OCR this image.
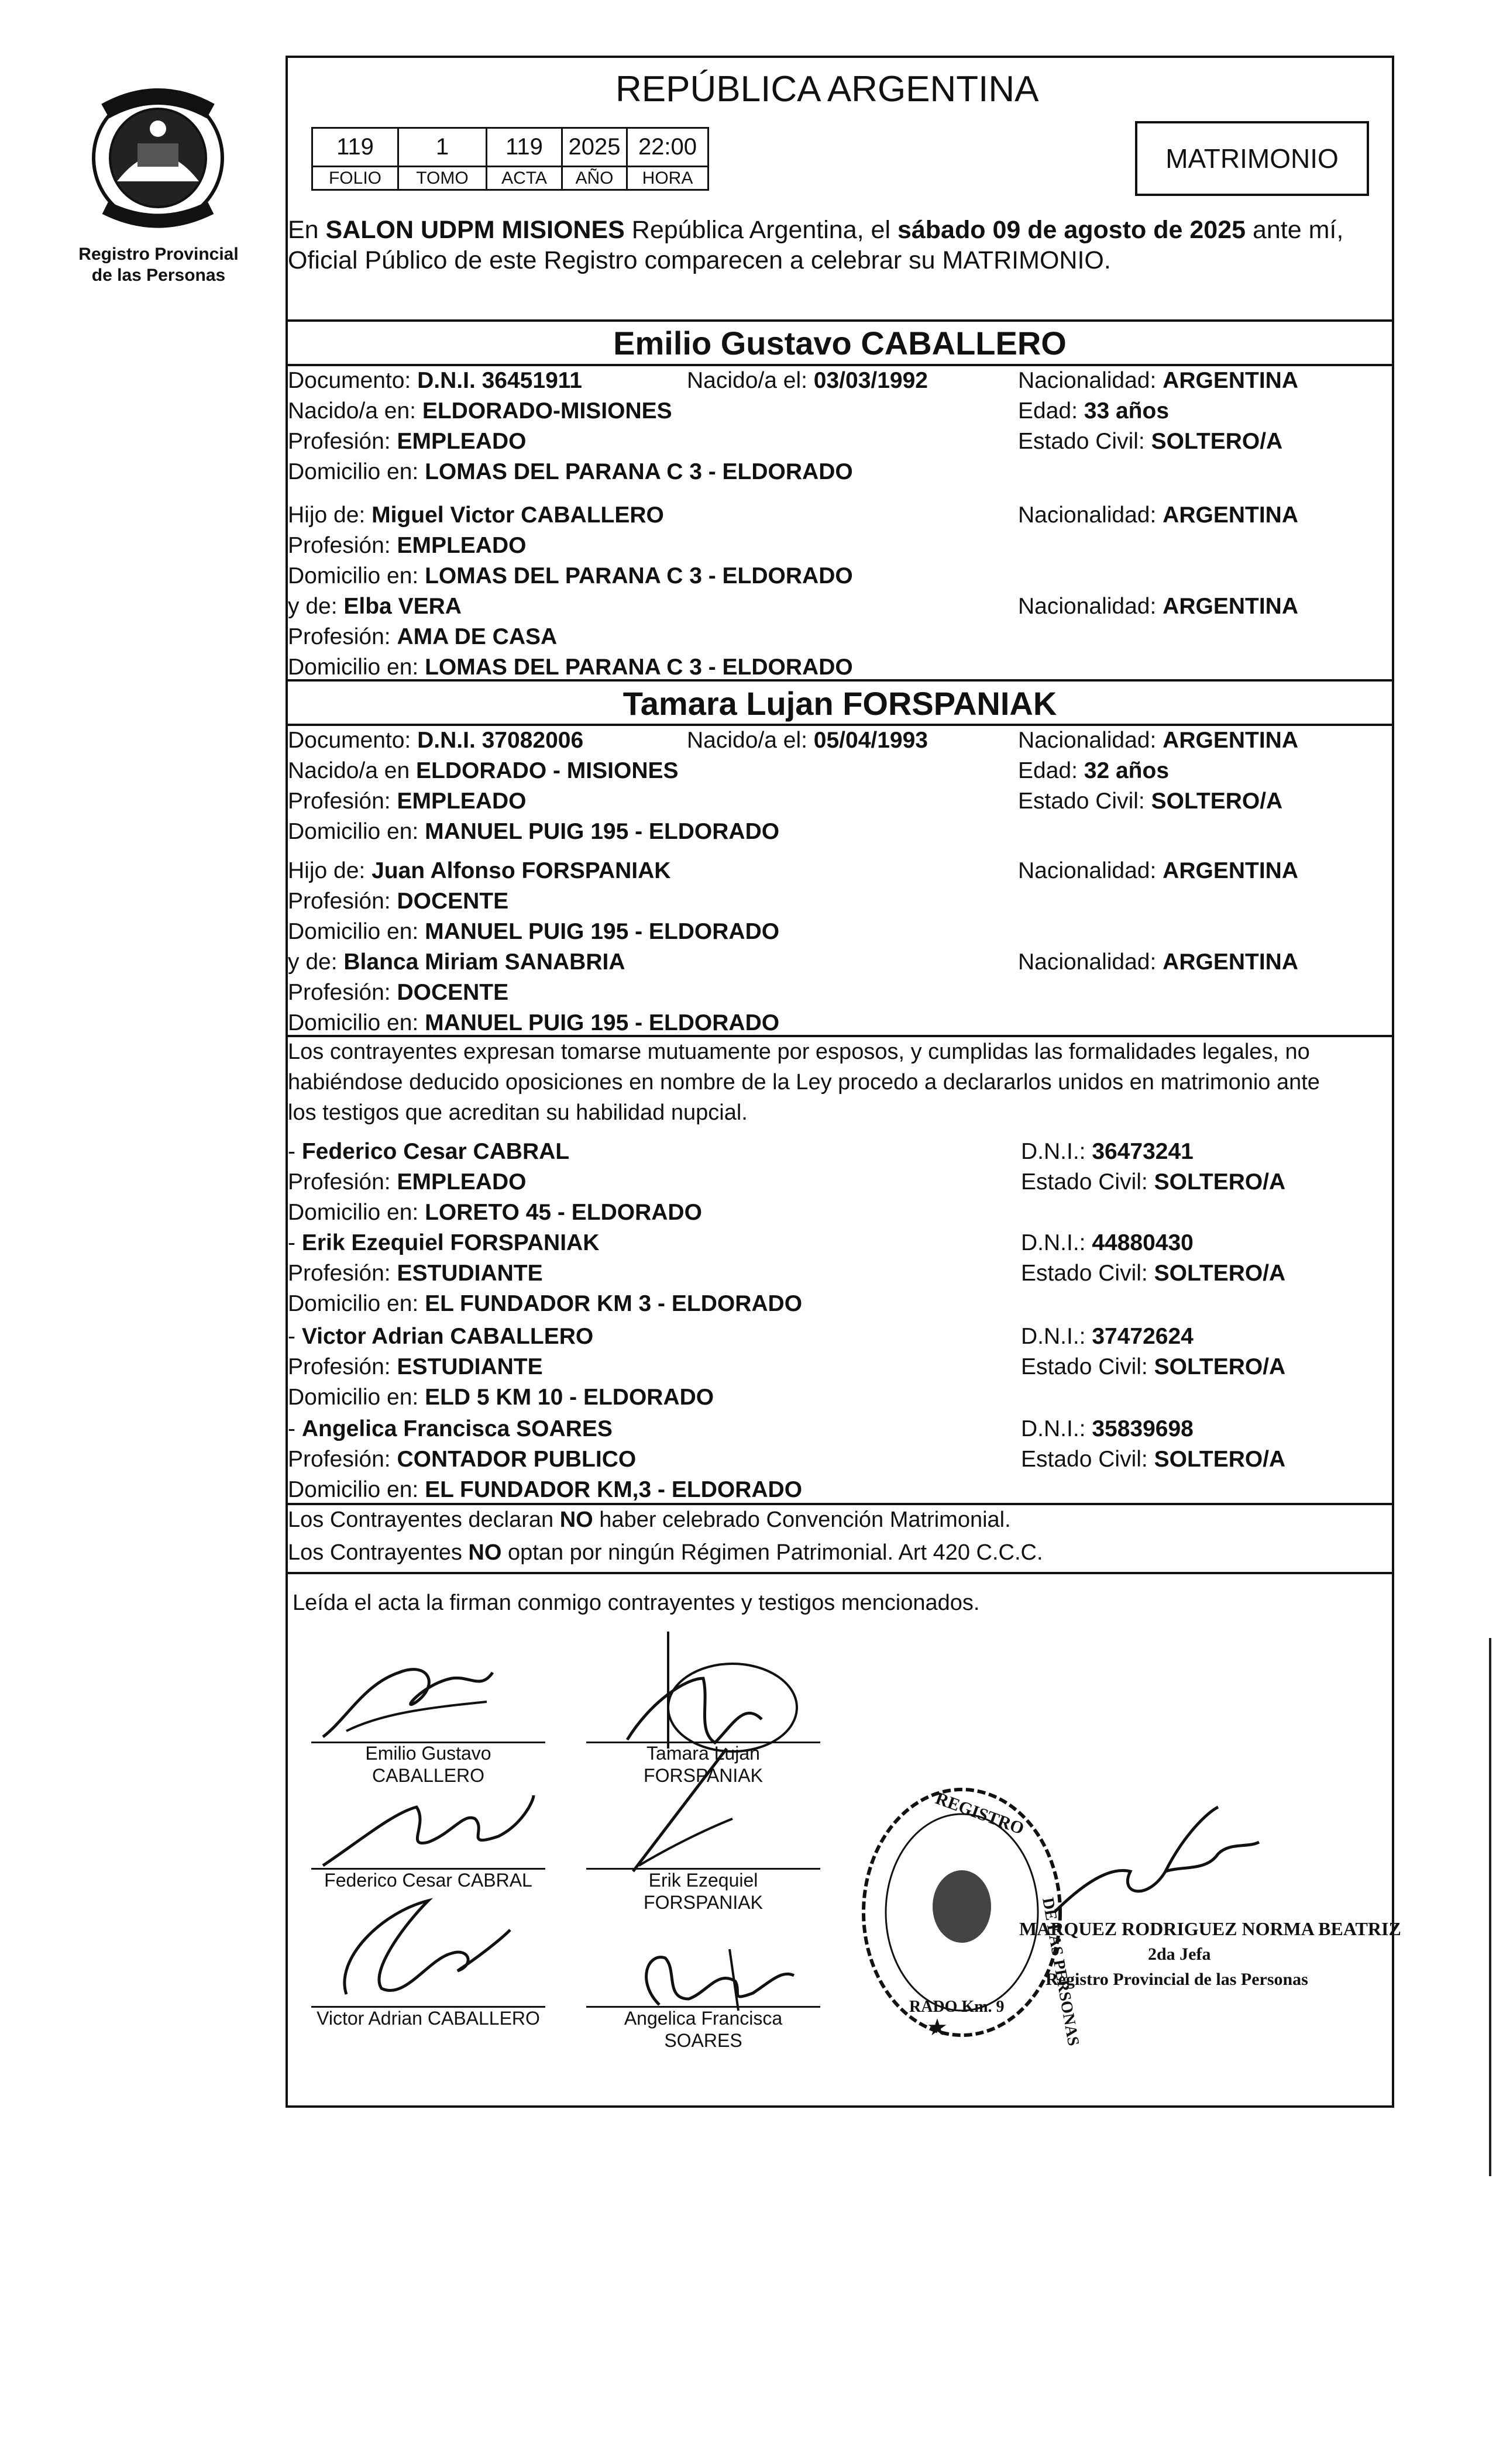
Registro Provincial
de las Personas
REPÚBLICA ARGENTINA
119	1	119	2025	22:00
FOLIO	TOMO	ACTA	AÑO	HORA
MATRIMONIO
En SALON UDPM MISIONES República Argentina, el sábado 09 de agosto de 2025 ante mí,
Oficial Público de este Registro comparecen a celebrar su MATRIMONIO.
Emilio Gustavo CABALLERO
Documento: D.N.I. 36451911	Nacido/a el: 03/03/1992	Nacionalidad: ARGENTINA
Nacido/a en: ELDORADO-MISIONES	Edad: 33 años
Profesión: EMPLEADO	Estado Civil: SOLTERO/A
Domicilio en: LOMAS DEL PARANA C 3 - ELDORADO
Hijo de: Miguel Victor CABALLERO	Nacionalidad: ARGENTINA
Profesión: EMPLEADO
Domicilio en: LOMAS DEL PARANA C 3 - ELDORADO
y de: Elba VERA	Nacionalidad: ARGENTINA
Profesión: AMA DE CASA
Domicilio en: LOMAS DEL PARANA C 3 - ELDORADO
Tamara Lujan FORSPANIAK
Documento: D.N.I. 37082006	Nacido/a el: 05/04/1993	Nacionalidad: ARGENTINA
Nacido/a en ELDORADO - MISIONES	Edad: 32 años
Profesión: EMPLEADO	Estado Civil: SOLTERO/A
Domicilio en: MANUEL PUIG 195 - ELDORADO
Hijo de: Juan Alfonso FORSPANIAK	Nacionalidad: ARGENTINA
Profesión: DOCENTE
Domicilio en: MANUEL PUIG 195 - ELDORADO
y de: Blanca Miriam SANABRIA	Nacionalidad: ARGENTINA
Profesión: DOCENTE
Domicilio en: MANUEL PUIG 195 - ELDORADO
Los contrayentes expresan tomarse mutuamente por esposos, y cumplidas las formalidades legales, no
habiéndose deducido oposiciones en nombre de la Ley procedo a declararlos unidos en matrimonio ante
los testigos que acreditan su habilidad nupcial.
- Federico Cesar CABRAL	D.N.I.: 36473241
Profesión: EMPLEADO	Estado Civil: SOLTERO/A
Domicilio en: LORETO 45 - ELDORADO
- Erik Ezequiel FORSPANIAK	D.N.I.: 44880430
Profesión: ESTUDIANTE	Estado Civil: SOLTERO/A
Domicilio en: EL FUNDADOR KM 3 - ELDORADO
- Victor Adrian CABALLERO	D.N.I.: 37472624
Profesión: ESTUDIANTE	Estado Civil: SOLTERO/A
Domicilio en: ELD 5 KM 10 - ELDORADO
- Angelica Francisca SOARES	D.N.I.: 35839698
Profesión: CONTADOR PUBLICO	Estado Civil: SOLTERO/A
Domicilio en: EL FUNDADOR KM,3 - ELDORADO
Los Contrayentes declaran NO haber celebrado Convención Matrimonial.
Los Contrayentes NO optan por ningún Régimen Patrimonial. Art 420 C.C.C.
Leída el acta la firman conmigo contrayentes y testigos mencionados.
Emilio Gustavo
CABALLERO
Tamara Lujan
FORSPANIAK
Federico Cesar CABRAL	Erik Ezequiel
FORSPANIAK
Victor Adrian CABALLERO	Angelica Francisca
SOARES
REGISTRO
DE LAS PERSONAS
RADO Km. 9
★
MARQUEZ RODRIGUEZ NORMA BEATRIZ
2da Jefa
Registro Provincial de las Personas
